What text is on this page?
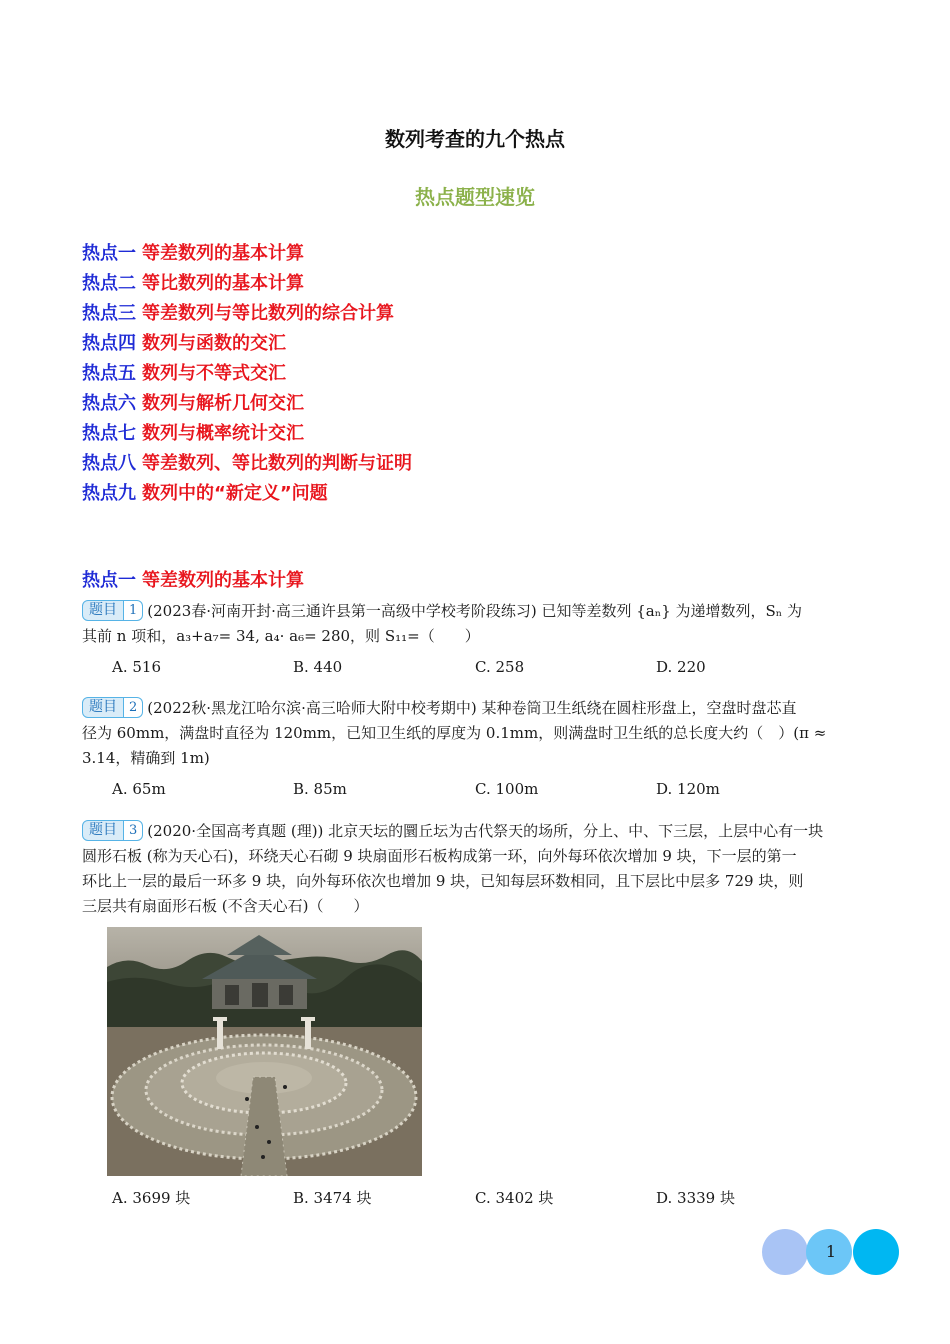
数列考查的九个热点
热点题型速览
热点一 等差数列的基本计算
热点二 等比数列的基本计算
热点三 等差数列与等比数列的综合计算
热点四 数列与函数的交汇
热点五 数列与不等式交汇
热点六 数列与解析几何交汇
热点七 数列与概率统计交汇
热点八 等差数列、等比数列的判断与证明
热点九 数列中的“新定义”问题
热点一 等差数列的基本计算
题目 1 (2023春·河南开封·高三通许县第一高级中学校考阶段练习) 已知等差数列 {aₙ} 为递增数列，Sₙ 为
其前 n 项和，a₃+a₇= 34, a₄· a₆= 280，则 S₁₁=（　　）
A. 516	B. 440	C. 258	D. 220
题目 2 (2022秋·黑龙江哈尔滨·高三哈师大附中校考期中) 某种卷筒卫生纸绕在圆柱形盘上，空盘时盘芯直
径为 60mm，满盘时直径为 120mm，已知卫生纸的厚度为 0.1mm，则满盘时卫生纸的总长度大约（　）(π ≈
3.14，精确到 1m)
A. 65m	B. 85m	C. 100m	D. 120m
题目 3 (2020·全国高考真题 (理)) 北京天坛的圜丘坛为古代祭天的场所，分上、中、下三层，上层中心有一块
圆形石板 (称为天心石)，环绕天心石砌 9 块扇面形石板构成第一环，向外每环依次增加 9 块，下一层的第一
环比上一层的最后一环多 9 块，向外每环依次也增加 9 块，已知每层环数相同，且下层比中层多 729 块，则
三层共有扇面形石板 (不含天心石)（　　）
A. 3699 块	B. 3474 块	C. 3402 块	D. 3339 块
1
